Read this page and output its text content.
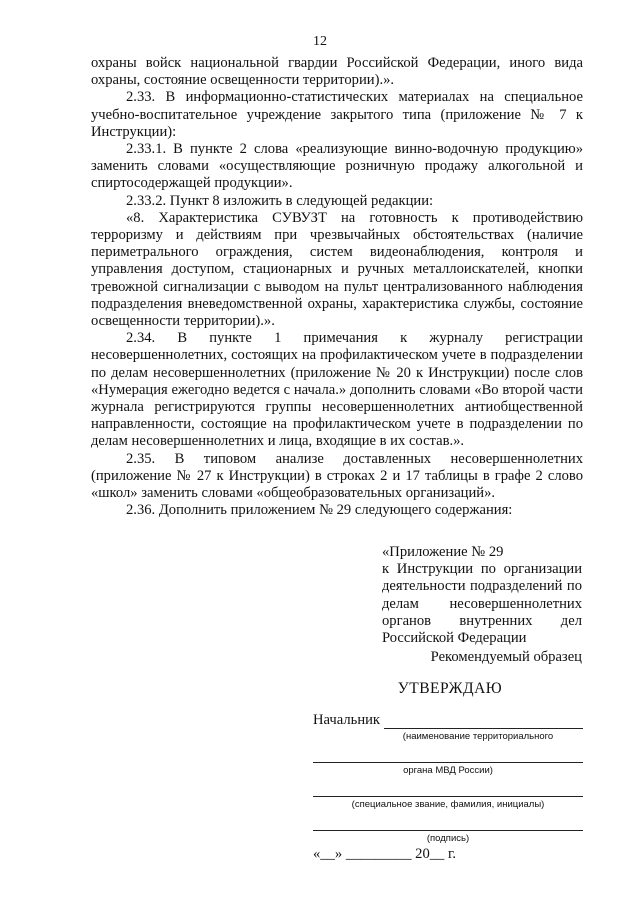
12

охраны войск национальной гвардии Российской Федерации, иного вида охраны, состояние освещенности территории).».

2.33. В информационно-статистических материалах на специальное учебно-воспитательное учреждение закрытого типа (приложение № 7 к Инструкции):

2.33.1. В пункте 2 слова «реализующие винно-водочную продукцию» заменить словами «осуществляющие розничную продажу алкогольной и спиртосодержащей продукции».

2.33.2. Пункт 8 изложить в следующей редакции:

«8. Характеристика СУВУЗТ на готовность к противодействию терроризму и действиям при чрезвычайных обстоятельствах (наличие периметрального ограждения, систем видеонаблюдения, контроля и управления доступом, стационарных и ручных металлоискателей, кнопки тревожной сигнализации с выводом на пульт централизованного наблюдения подразделения вневедомственной охраны, характеристика службы, состояние освещенности территории).».

2.34. В пункте 1 примечания к журналу регистрации несовершеннолетних, состоящих на профилактическом учете в подразделении по делам несовершеннолетних (приложение № 20 к Инструкции) после слов «Нумерация ежегодно ведется с начала.» дополнить словами «Во второй части журнала регистрируются группы несовершеннолетних антиобщественной направленности, состоящие на профилактическом учете в подразделении по делам несовершеннолетних и лица, входящие в их состав.».

2.35. В типовом анализе доставленных несовершеннолетних (приложение № 27 к Инструкции) в строках 2 и 17 таблицы в графе 2 слово «школ» заменить словами «общеобразовательных организаций».

2.36. Дополнить приложением № 29 следующего содержания:

«Приложение № 29

к Инструкции по организации деятельности подразделений по делам несовершеннолетних органов внутренних дел Российской Федерации

Рекомендуемый образец
УТВЕРЖДАЮ
Начальник
(наименование территориального
органа МВД России)
(специальное звание, фамилия, инициалы)
(подпись)
«__» _________ 20__ г.
